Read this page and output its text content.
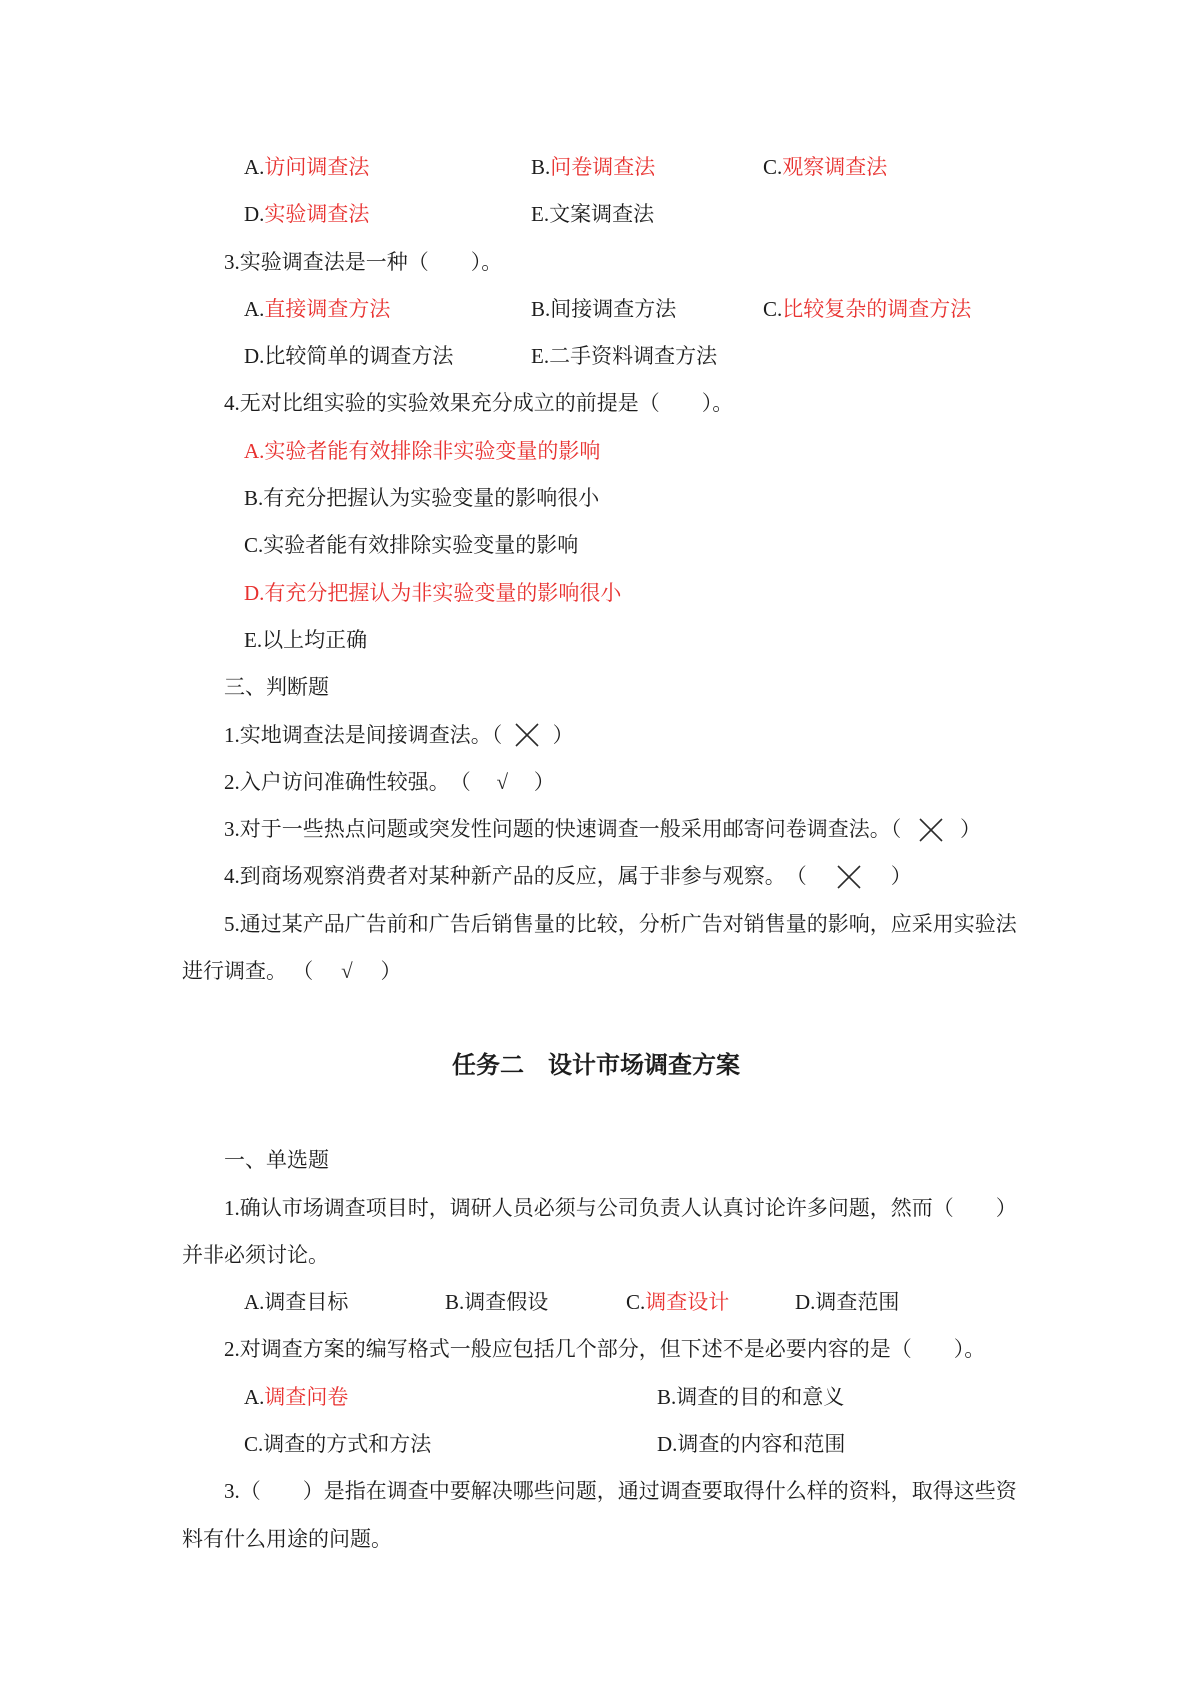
A.访问调查法	B.问卷调查法	C.观察调查法
D.实验调查法	E.文案调查法
3.实验调查法是一种（　　）。
A.直接调查方法	B.间接调查方法	C.比较复杂的调查方法
D.比较简单的调查方法	E.二手资料调查方法
4.无对比组实验的实验效果充分成立的前提是（　　）。
A.实验者能有效排除非实验变量的影响
B.有充分把握认为实验变量的影响很小
C.实验者能有效排除实验变量的影响
D.有充分把握认为非实验变量的影响很小
E.以上均正确
三、判断题
1.实地调查法是间接调查法。（ ）
2.入户访问准确性较强。　（ √ ）
3.对于一些热点问题或突发性问题的快速调查一般采用邮寄问卷调查法。（	）
4.到商场观察消费者对某种新产品的反应，属于非参与观察。　（	）
5.通过某产品广告前和广告后销售量的比较，分析广告对销售量的影响，应采用实验法
进行调查。 （ √ ）
任务二　设计市场调查方案
一、单选题
1.确认市场调查项目时，调研人员必须与公司负责人认真讨论许多问题，然而（　　）
并非必须讨论。
A.调查目标	B.调查假设	C.调查设计	D.调查范围
2.对调查方案的编写格式一般应包括几个部分，但下述不是必要内容的是（　　）。
A.调查问卷	B.调查的目的和意义
C.调查的方式和方法	D.调查的内容和范围
3.（　　）是指在调查中要解决哪些问题，通过调查要取得什么样的资料，取得这些资
料有什么用途的问题。
